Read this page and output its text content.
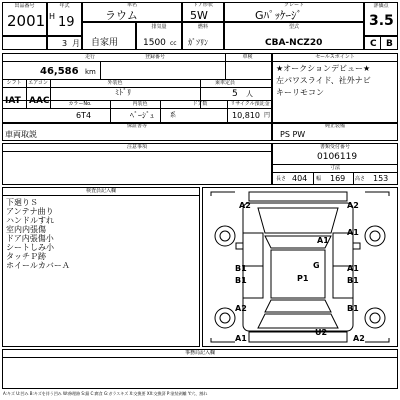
出品番号
2001
年式
H 19
車名
ラウム
ドア形状
5W
グレード
Gﾊﾟｯｹｰｼﾞ
評価点
3.5
3 月 自家用
排気量
1500 cc
燃料
ｶﾞｿﾘﾝ
型式
CBA-NCZ20	C B
走行	登録番号	車検
46,586 km
シフト	エアコン	外装色	乗車定員
IAT AAC
ﾐﾄﾞﾘ	5 人
カラーNo.	内装色	ドア数	リサイクル預託金
6T4	ﾍﾞｰｼﾞｭ	系	10,810 円
セールスポイント
★オークションデビュー★
左パワスライド、社外ナビ
キーリモコン
保証書等
車両取説
純正装備
PS PW
注意事項	書類受付番号
0106119
寸法
長さ 404 幅 169 高さ 153
検査員記入欄
下廻りＳ
アンテナ曲り
ハンドルすれ
室内内張傷
ドア内張傷小
シートしみ小
タッチＰ跡
ホイールカバーＡ
A2	A2
A1
A1
B1
B1
G
P1
A1
B1
A2	B1
U2
A1	A2
事務局記入欄
A:キズ U:凹み B:キズを伴う凹み W:修理跡 S:錆 C:腐食 G:ガラスキズ X:交換要 XX:交換済 P:塗装剥離 Y:穴、割れ
